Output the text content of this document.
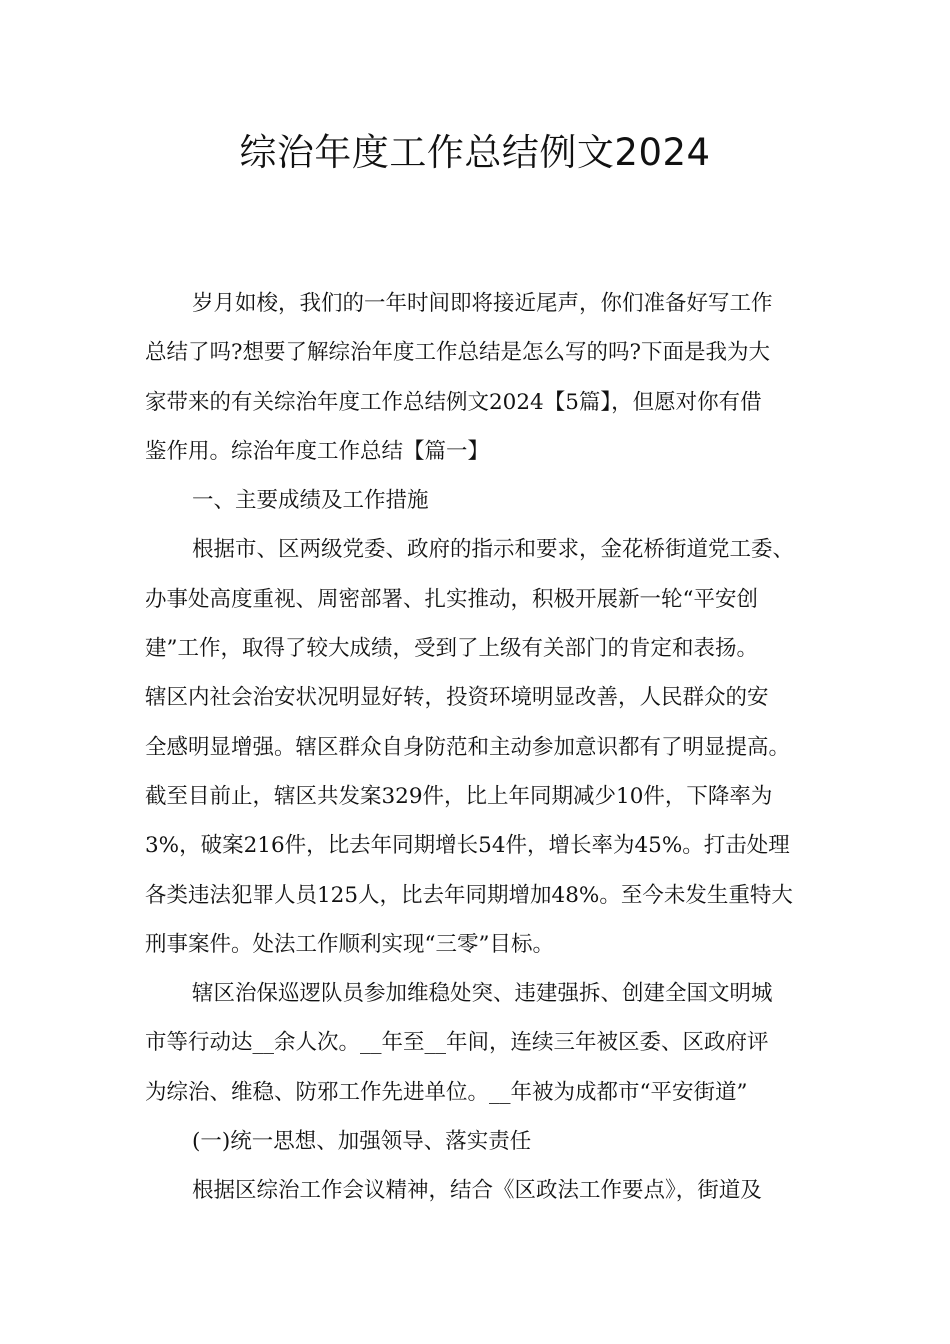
综治年度工作总结例文2024

岁月如梭，我们的一年时间即将接近尾声，你们准备好写工作
总结了吗?想要了解综治年度工作总结是怎么写的吗?下面是我为大
家带来的有关综治年度工作总结例文2024【5篇】，但愿对你有借
鉴作用。综治年度工作总结【篇一】

一、主要成绩及工作措施

根据市、区两级党委、政府的指示和要求，金花桥街道党工委、
办事处高度重视、周密部署、扎实推动，积极开展新一轮“平安创
建”工作，取得了较大成绩，受到了上级有关部门的肯定和表扬。
辖区内社会治安状况明显好转，投资环境明显改善，人民群众的安
全感明显增强。辖区群众自身防范和主动参加意识都有了明显提高。
截至目前止，辖区共发案329件，比上年同期减少10件，下降率为
3%，破案216件，比去年同期增长54件，增长率为45%。打击处理
各类违法犯罪人员125人，比去年同期增加48%。至今未发生重特大
刑事案件。处法工作顺利实现“三零”目标。

辖区治保巡逻队员参加维稳处突、违建强拆、创建全国文明城
市等行动达__余人次。__年至__年间，连续三年被区委、区政府评
为综治、维稳、防邪工作先进单位。__年被为成都市“平安街道”

(一)统一思想、加强领导、落实责任

根据区综治工作会议精神，结合《区政法工作要点》，街道及
